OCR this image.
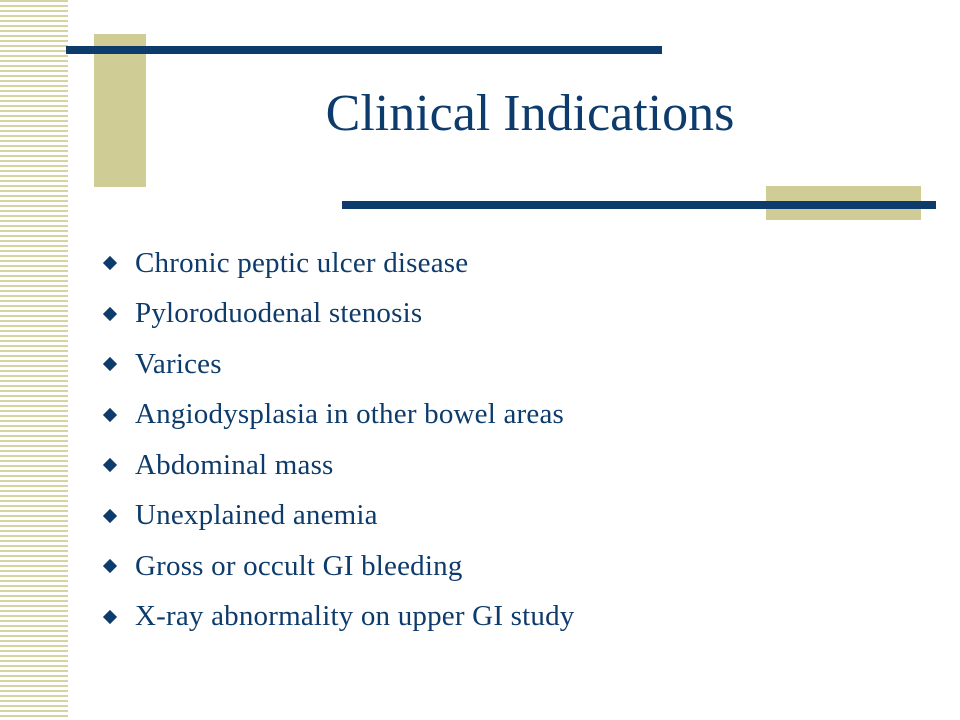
Clinical Indications
Chronic peptic ulcer disease
Pyloroduodenal stenosis
Varices
Angiodysplasia in other bowel areas
Abdominal mass
Unexplained anemia
Gross or occult GI bleeding
X-ray abnormality on upper GI study
